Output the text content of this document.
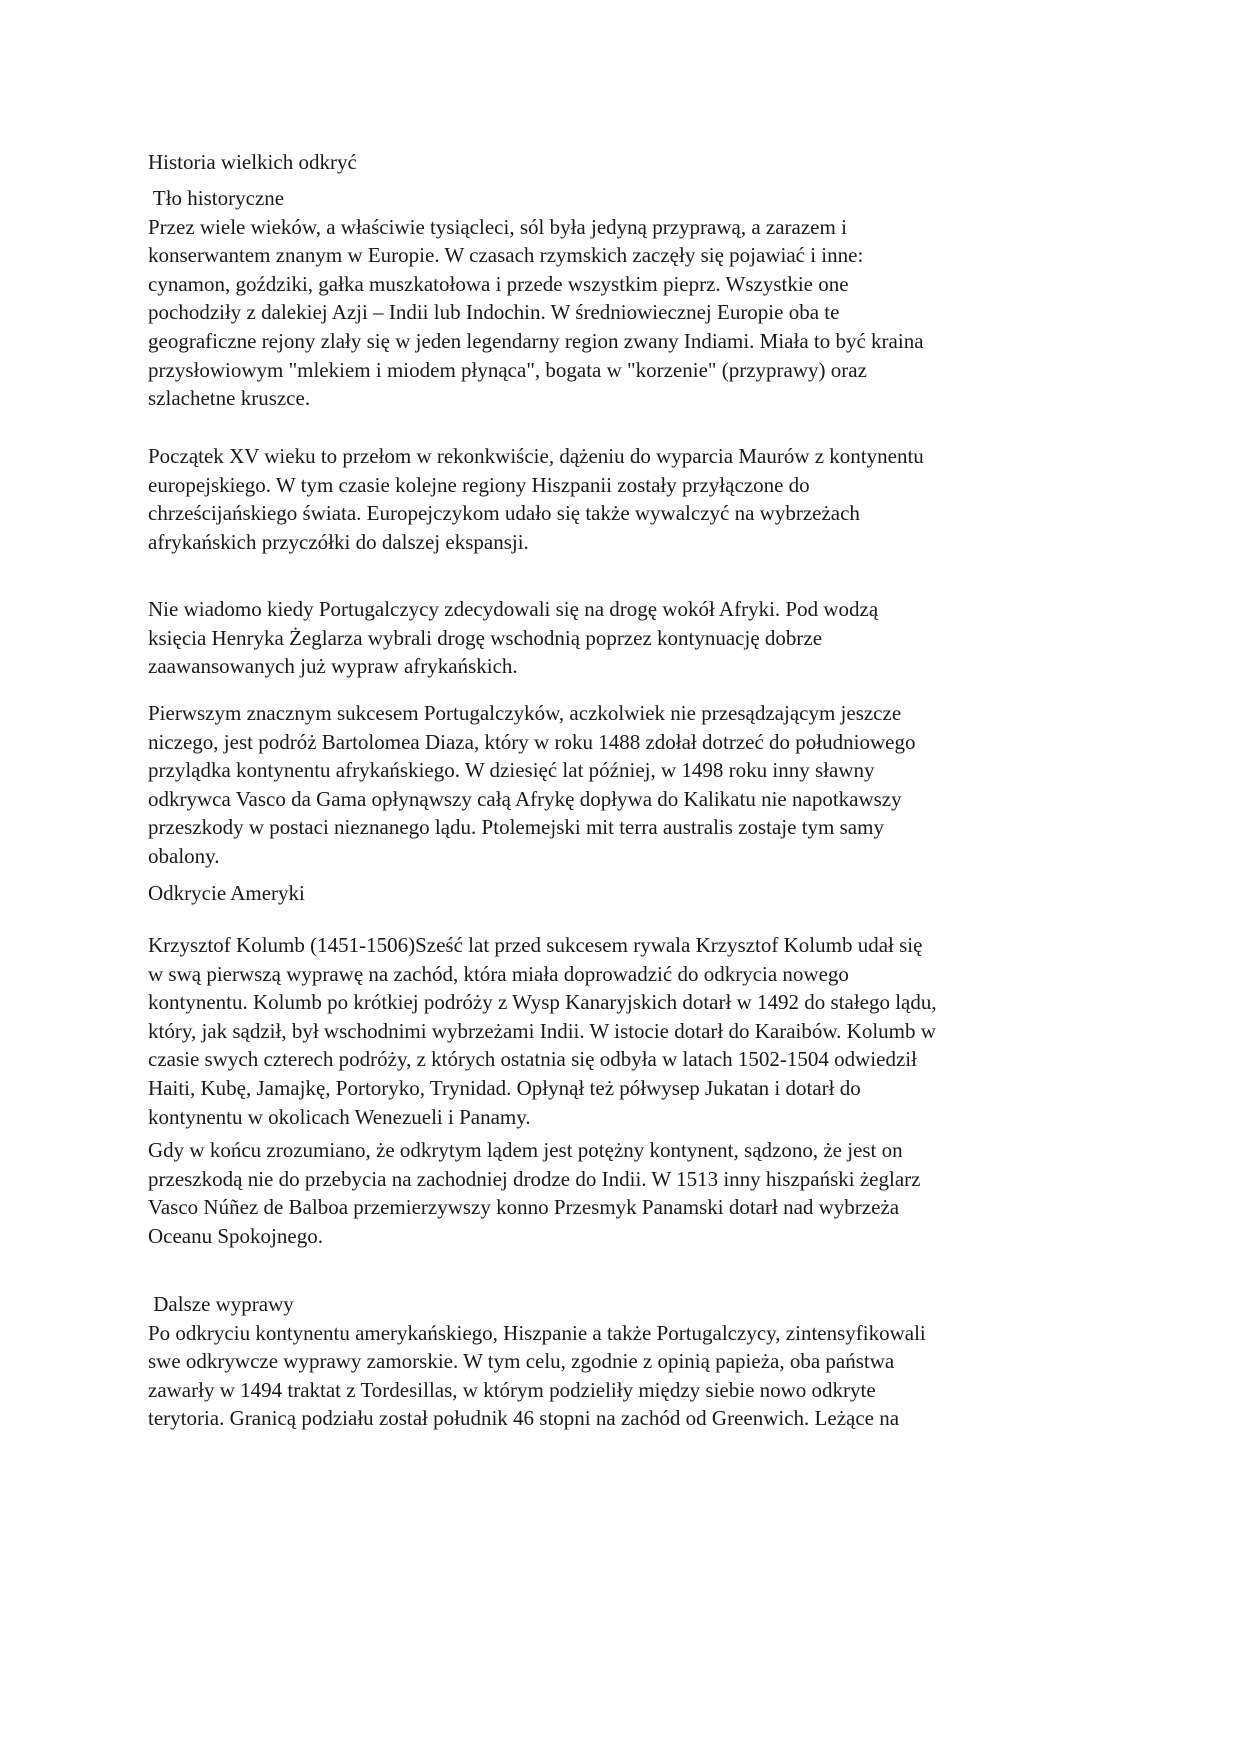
Historia wielkich odkryć
Tło historyczne
Przez wiele wieków, a właściwie tysiącleci, sól była jedyną przyprawą, a zarazem i
konserwantem znanym w Europie. W czasach rzymskich zaczęły się pojawiać i inne:
cynamon, goździki, gałka muszkatołowa i przede wszystkim pieprz. Wszystkie one
pochodziły z dalekiej Azji – Indii lub Indochin. W średniowiecznej Europie oba te
geograficzne rejony zlały się w jeden legendarny region zwany Indiami. Miała to być kraina
przysłowiowym "mlekiem i miodem płynąca", bogata w "korzenie" (przyprawy) oraz
szlachetne kruszce.
Początek XV wieku to przełom w rekonkwiście, dążeniu do wyparcia Maurów z kontynentu
europejskiego. W tym czasie kolejne regiony Hiszpanii zostały przyłączone do
chrześcijańskiego świata. Europejczykom udało się także wywalczyć na wybrzeżach
afrykańskich przyczółki do dalszej ekspansji.
Nie wiadomo kiedy Portugalczycy zdecydowali się na drogę wokół Afryki. Pod wodzą
księcia Henryka Żeglarza wybrali drogę wschodnią poprzez kontynuację dobrze
zaawansowanych już wypraw afrykańskich.
Pierwszym znacznym sukcesem Portugalczyków, aczkolwiek nie przesądzającym jeszcze
niczego, jest podróż Bartolomea Diaza, który w roku 1488 zdołał dotrzeć do południowego
przylądka kontynentu afrykańskiego. W dziesięć lat później, w 1498 roku inny sławny
odkrywca Vasco da Gama opłynąwszy całą Afrykę dopływa do Kalikatu nie napotkawszy
przeszkody w postaci nieznanego lądu. Ptolemejski mit terra australis zostaje tym samy
obalony.
Odkrycie Ameryki
Krzysztof Kolumb (1451-1506)Sześć lat przed sukcesem rywala Krzysztof Kolumb udał się
w swą pierwszą wyprawę na zachód, która miała doprowadzić do odkrycia nowego
kontynentu. Kolumb po krótkiej podróży z Wysp Kanaryjskich dotarł w 1492 do stałego lądu,
który, jak sądził, był wschodnimi wybrzeżami Indii. W istocie dotarł do Karaibów. Kolumb w
czasie swych czterech podróży, z których ostatnia się odbyła w latach 1502-1504 odwiedził
Haiti, Kubę, Jamajkę, Portoryko, Trynidad. Opłynął też półwysep Jukatan i dotarł do
kontynentu w okolicach Wenezueli i Panamy.
Gdy w końcu zrozumiano, że odkrytym lądem jest potężny kontynent, sądzono, że jest on
przeszkodą nie do przebycia na zachodniej drodze do Indii. W 1513 inny hiszpański żeglarz
Vasco Núñez de Balboa przemierzywszy konno Przesmyk Panamski dotarł nad wybrzeża
Oceanu Spokojnego.
Dalsze wyprawy
Po odkryciu kontynentu amerykańskiego, Hiszpanie a także Portugalczycy, zintensyfikowali
swe odkrywcze wyprawy zamorskie. W tym celu, zgodnie z opinią papieża, oba państwa
zawarły w 1494 traktat z Tordesillas, w którym podzieliły między siebie nowo odkryte
terytoria. Granicą podziału został południk 46 stopni na zachód od Greenwich. Leżące na
